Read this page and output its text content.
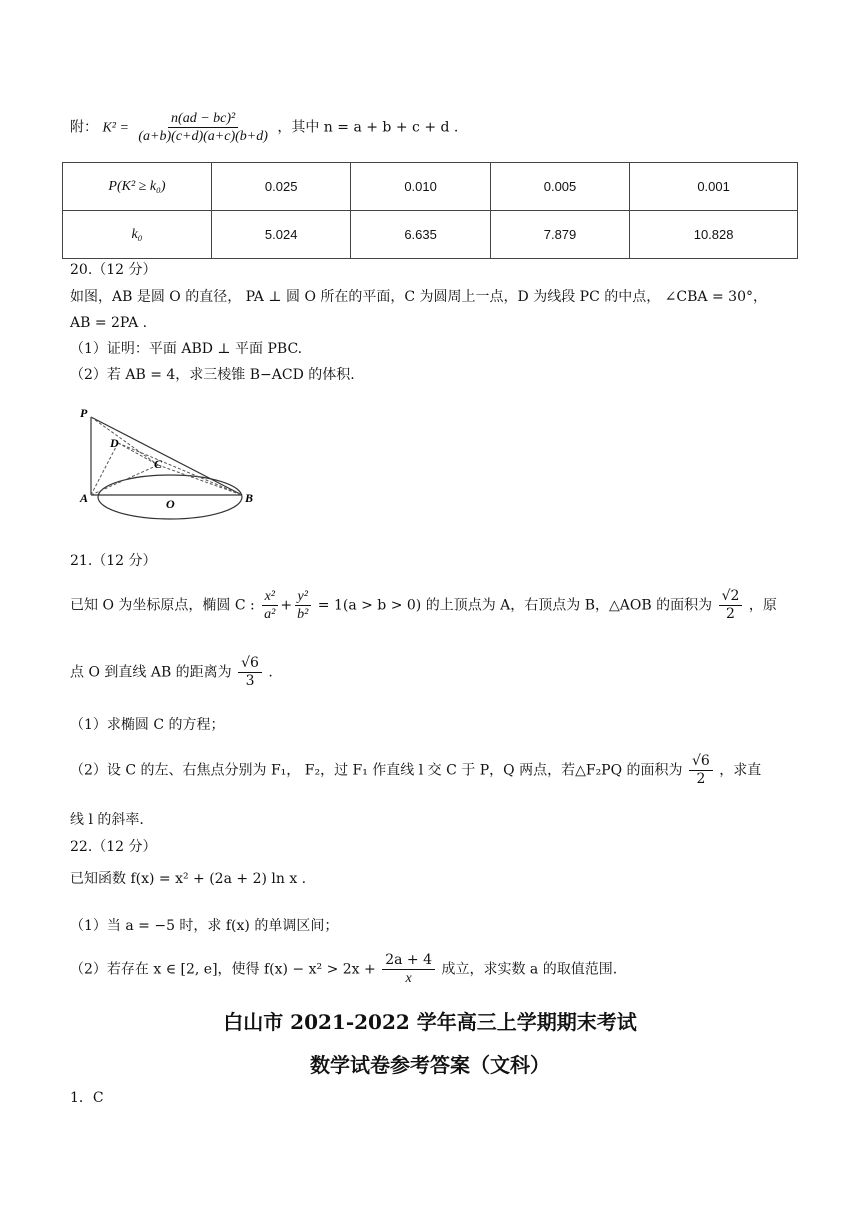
附： $K^2 = \frac{\text{n(ad − bc)²}}{(a+b)(c+d)(a+c)(b+d)}$ ，其中 n = a + b + c + d .
P(K² ≥ k₀)	0.025	0.010	0.005	0.001
k₀	5.024	6.635	7.879	10.828
20.（12 分）
如图，AB 是圆 O 的直径， PA ⊥ 圆 O 所在的平面，C 为圆周上一点，D 为线段 PC 的中点， ∠CBA = 30°，
AB = 2PA .
（1）证明：平面 ABD ⊥ 平面 PBC.
（2）若 AB = 4，求三棱锥 B−ACD 的体积.
P
D
C
A	O	B
21.（12 分）
已知 O 为坐标原点，椭圆 C : $\frac{\text{x²}}{\text{a²}} + \frac{\text{y²}}{\text{b²}} = 1(a > b > 0)$ 的上顶点为 A，右顶点为 B，△AOB 的面积为 $\frac{√2}{2}$ ，原
点 O 到直线 AB 的距离为 $\frac{√6}{3}$ .
（1）求椭圆 C 的方程；
（2）设 C 的左、右焦点分别为 F₁， F₂，过 F₁ 作直线 l 交 C 于 P，Q 两点，若△F₂PQ 的面积为 $\frac{√6}{2}$ ，求直
线 l 的斜率.
22.（12 分）
已知函数 f(x) = x² + (2a + 2) ln x .
（1）当 a = −5 时，求 f(x) 的单调区间；
（2）若存在 x ∈ [2, e]，使得 $f(x) - x^2 > 2x + \frac{2a + 4}{x}$ 成立，求实数 a 的取值范围.
白山市 2021-2022 学年高三上学期期末考试
数学试卷参考答案（文科）
1．C
